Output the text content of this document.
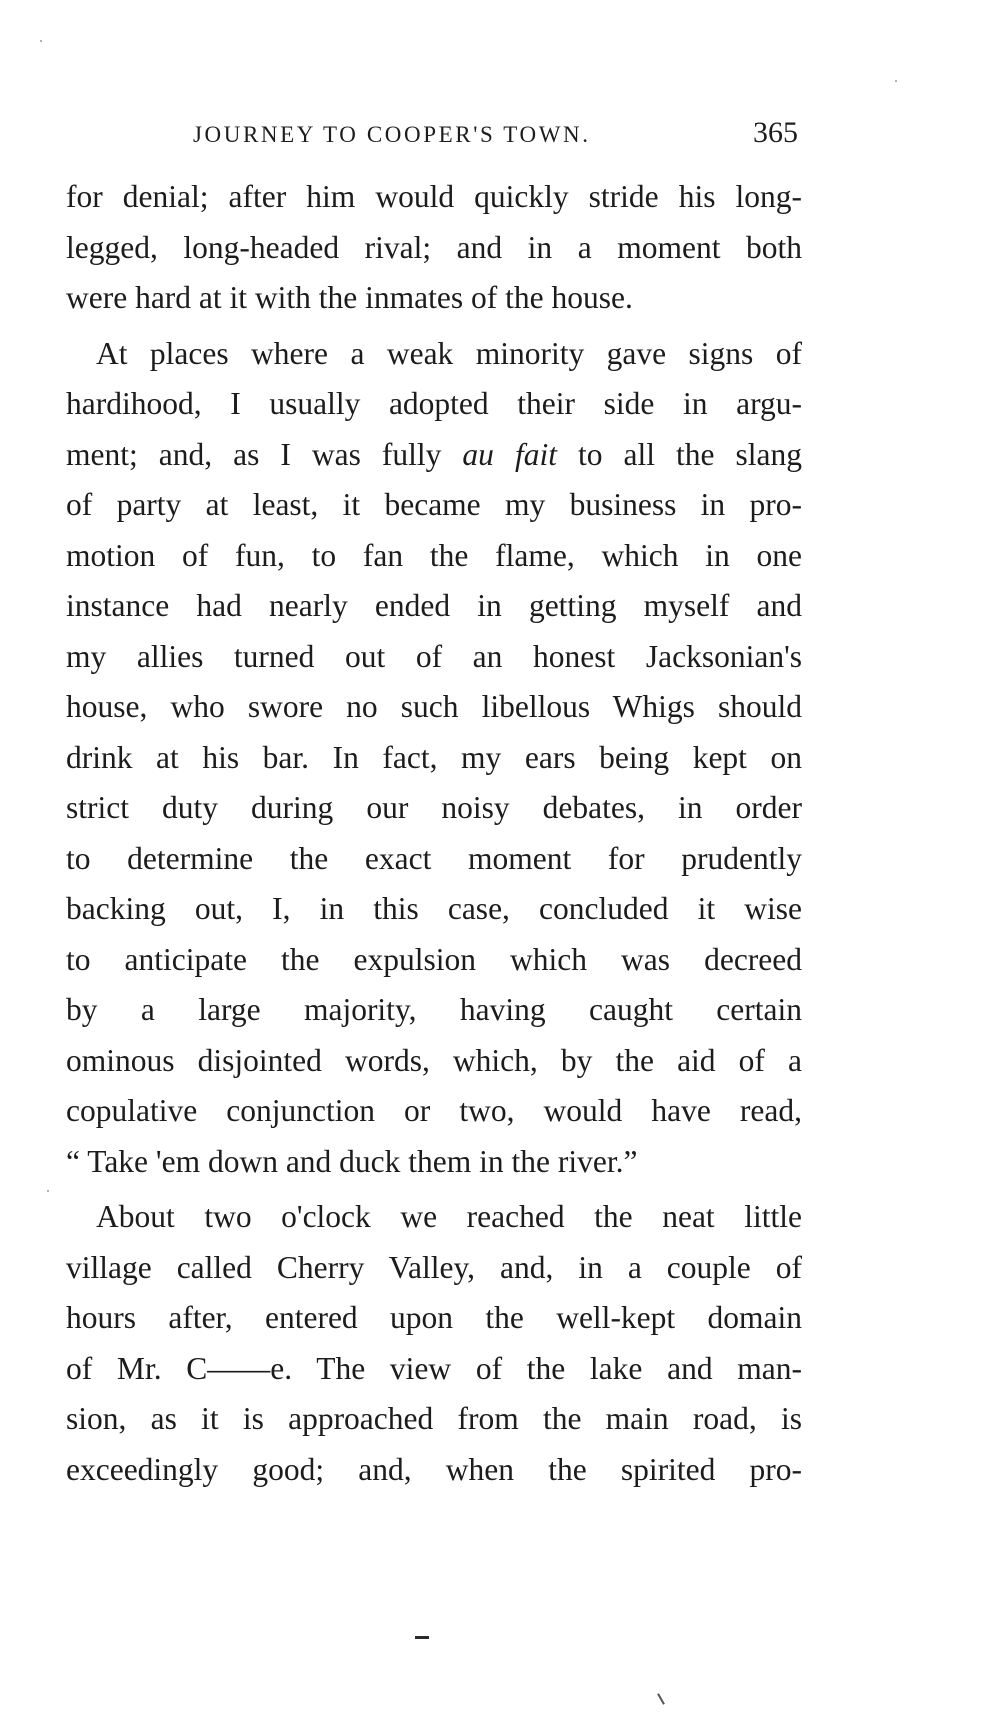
JOURNEY TO COOPER'S TOWN.	365
for denial; after him would quickly stride his long-
legged, long-headed rival; and in a moment both
were hard at it with the inmates of the house.
At places where a weak minority gave signs of
hardihood, I usually adopted their side in argu-
ment; and, as I was fully au fait to all the slang
of party at least, it became my business in pro-
motion of fun, to fan the flame, which in one
instance had nearly ended in getting myself and
my allies turned out of an honest Jacksonian's
house, who swore no such libellous Whigs should
drink at his bar. In fact, my ears being kept on
strict duty during our noisy debates, in order
to determine the exact moment for prudently
backing out, I, in this case, concluded it wise
to anticipate the expulsion which was decreed
by a large majority, having caught certain
ominous disjointed words, which, by the aid of a
copulative conjunction or two, would have read,
“ Take 'em down and duck them in the river.”
About two o'clock we reached the neat little
village called Cherry Valley, and, in a couple of
hours after, entered upon the well-kept domain
of Mr. C——e. The view of the lake and man-
sion, as it is approached from the main road, is
exceedingly good; and, when the spirited pro-
